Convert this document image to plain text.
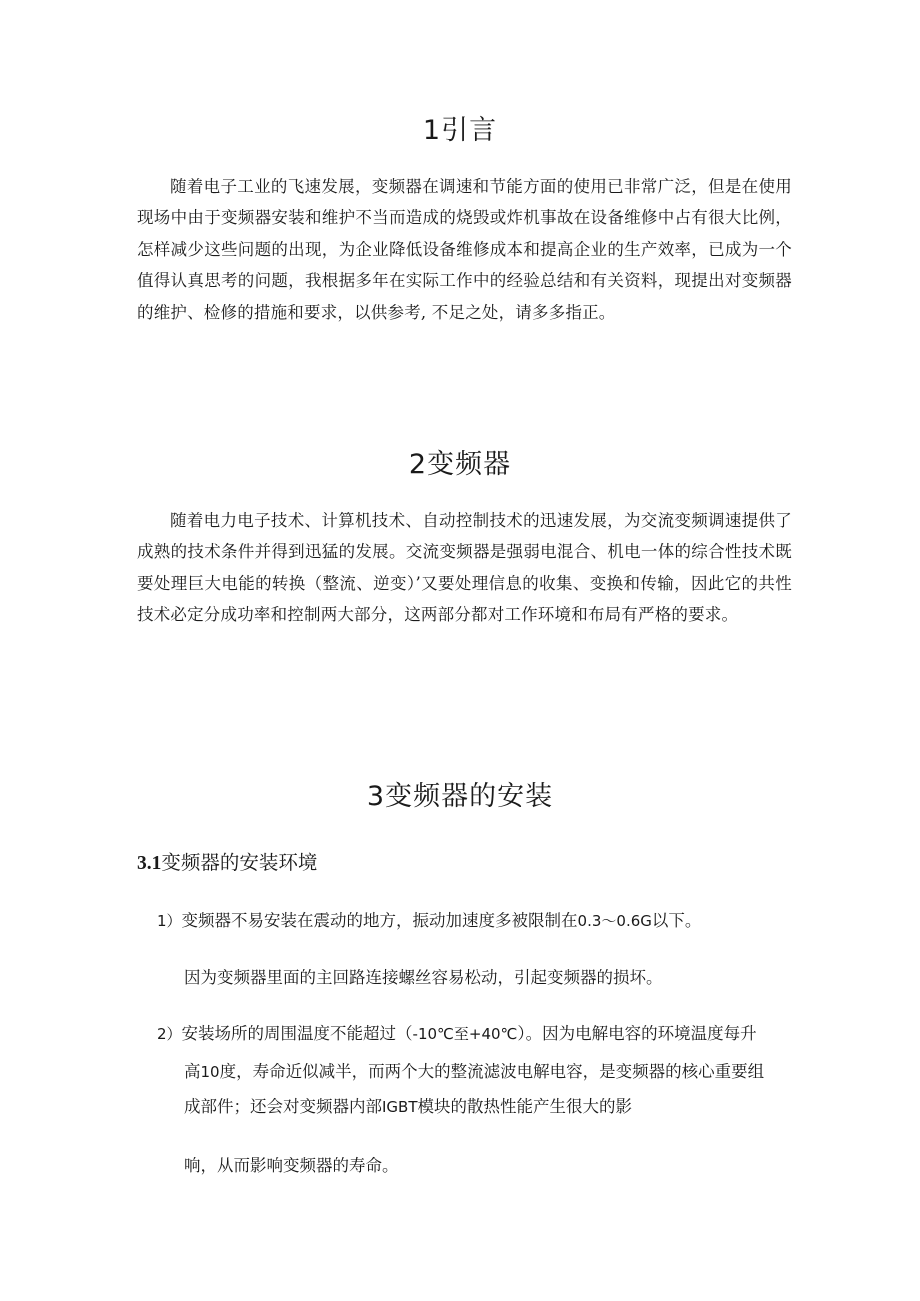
1引言

随着电子工业的飞速发展，变频器在调速和节能方面的使用已非常广泛，但是在使用现场中由于变频器安装和维护不当而造成的烧毁或炸机事故在设备维修中占有很大比例，怎样减少这些问题的出现，为企业降低设备维修成本和提高企业的生产效率，已成为一个值得认真思考的问题，我根据多年在实际工作中的经验总结和有关资料，现提出对变频器的维护、检修的措施和要求，以供参考, 不足之处，请多多指正。

2变频器

随着电力电子技术、计算机技术、自动控制技术的迅速发展，为交流变频调速提供了成熟的技术条件并得到迅猛的发展。交流变频器是强弱电混合、机电一体的综合性技术既要处理巨大电能的转换（整流、逆变）’又要处理信息的收集、变换和传输，因此它的共性技术必定分成功率和控制两大部分，这两部分都对工作环境和布局有严格的要求。

3变频器的安装
3.1变频器的安装环境

1）变频器不易安装在震动的地方，振动加速度多被限制在0.3～0.6G以下。

因为变频器里面的主回路连接螺丝容易松动，引起变频器的损坏。

2）安装场所的周围温度不能超过（-10℃至+40℃）。因为电解电容的环境温度每升

高10度，寿命近似减半，而两个大的整流滤波电解电容，是变频器的核心重要组

成部件；还会对变频器内部IGBT模块的散热性能产生很大的影

响，从而影响变频器的寿命。
